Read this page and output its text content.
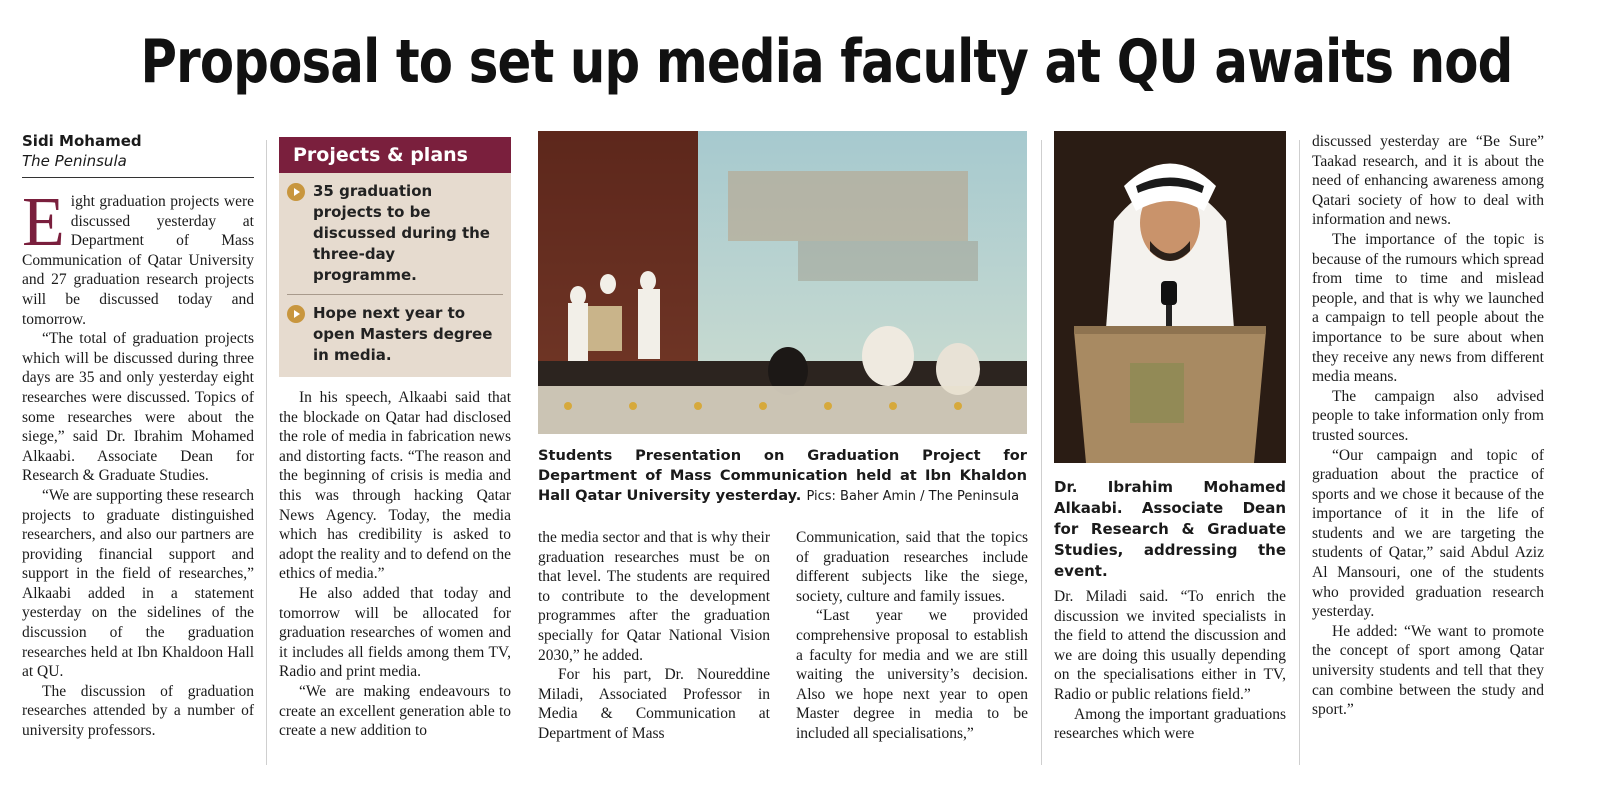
Proposal to set up media faculty at QU awaits nod
Sidi Mohamed
The Peninsula

Eight graduation projects were discussed yesterday at Department of Mass Communication of Qatar University and 27 graduation research projects will be discussed today and tomorrow.

“The total of graduation projects which will be discussed during three days are 35 and only yesterday eight researches were discussed. Topics of some researches were about the siege,” said Dr. Ibrahim Mohamed Alkaabi. Associate Dean for Research & Graduate Studies.

“We are supporting these research projects to graduate distinguished researchers, and also our partners are providing financial support and support in the field of researches,” Alkaabi added in a statement yesterday on the sidelines of the discussion of the graduation researches held at Ibn Khaldoon Hall at QU.

The discussion of graduation researches attended by a number of university professors.

Projects & plans
35 graduation projects to be discussed during the three-day programme.
Hope next year to open Masters degree in media.

In his speech, Alkaabi said that the blockade on Qatar had disclosed the role of media in fabrication news and distorting facts. “The reason and the beginning of crisis is media and this was through hacking Qatar News Agency. Today, the media which has credibility is asked to adopt the reality and to defend on the ethics of media.”

He also added that today and tomorrow will be allocated for graduation researches of women and it includes all fields among them TV, Radio and print media.

“We are making endeavours to create an excellent generation able to create a new addition to

Students Presentation on Graduation Project for Department of Mass Communication held at Ibn Khaldon Hall Qatar University yesterday. Pics: Baher Amin / The Peninsula

the media sector and that is why their graduation researches must be on that level. The students are required to contribute to the development programmes after the graduation specially for Qatar National Vision 2030,” he added.

For his part, Dr. Noureddine Miladi, Associated Professor in Media & Communication at Department of Mass

Communication, said that the topics of graduation researches include different subjects like the siege, society, culture and family issues.

“Last year we provided comprehensive proposal to establish a faculty for media and we are still waiting the university’s decision. Also we hope next year to open Master degree in media to be included all specialisations,”

Dr. Ibrahim Mohamed Alkaabi. Associate Dean for Research & Graduate Studies, addressing the event.

Dr. Miladi said. “To enrich the discussion we invited specialists in the field to attend the discussion and we are doing this usually depending on the specialisations either in TV, Radio or public relations field.”

Among the important graduations researches which were

discussed yesterday are “Be Sure” Taakad research, and it is about the need of enhancing awareness among Qatari society of how to deal with information and news.

The importance of the topic is because of the rumours which spread from time to time and mislead people, and that is why we launched a campaign to tell people about the importance to be sure about when they receive any news from different media means.

The campaign also advised people to take information only from trusted sources.

“Our campaign and topic of graduation about the practice of sports and we chose it because of the importance of it in the life of students and we are targeting the students of Qatar,” said Abdul Aziz Al Mansouri, one of the students who provided graduation research yesterday.

He added: “We want to promote the concept of sport among Qatar university students and tell that they can combine between the study and sport.”
